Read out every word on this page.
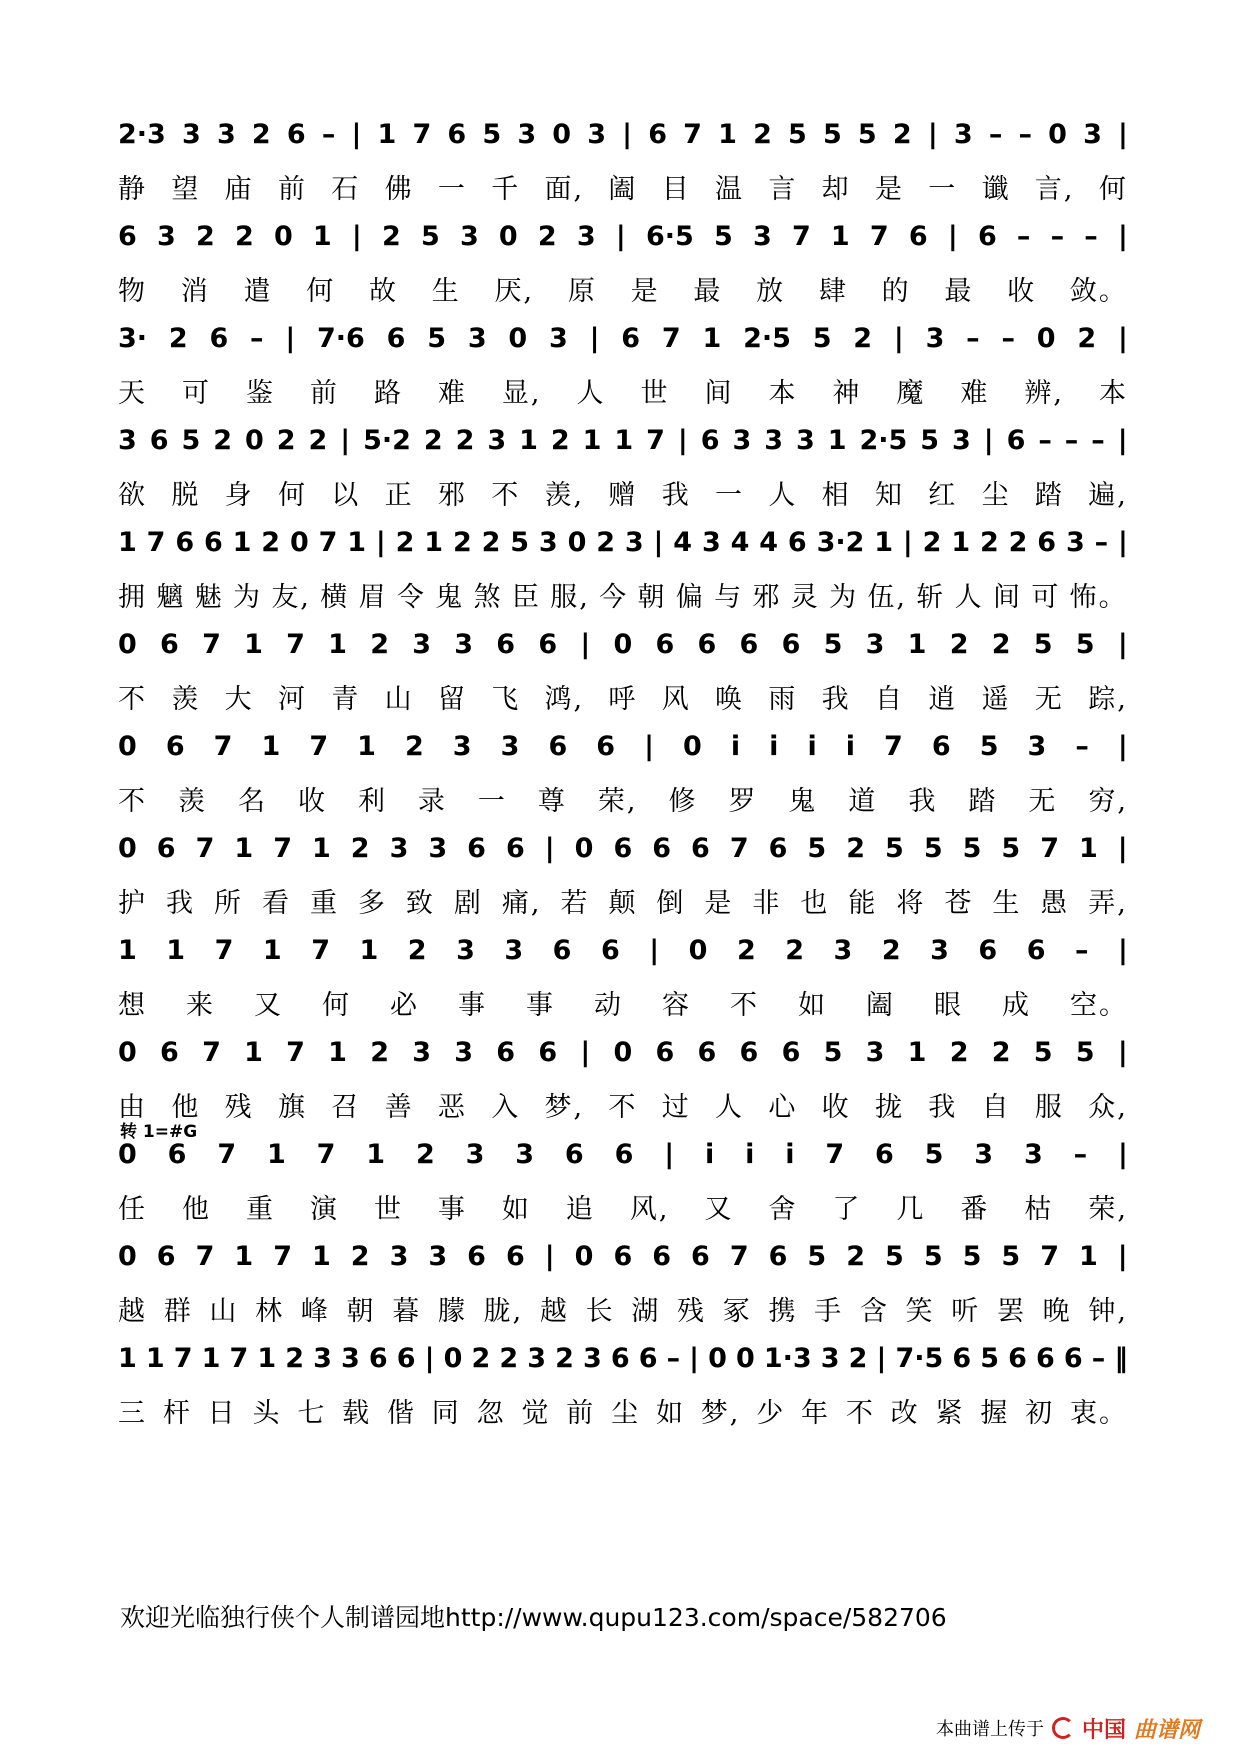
2·3 3 3 2 6 – | 1 7 6 5 3 0 3 | 6 7 1 2 5 5 5 2 | 3 – – 0 3 |
静 望 庙 前 石 佛 一 千 面, 阖 目 温 言 却 是 一 谶 言, 何
6 3 2 2 0 1 | 2 5 3 0 2 3 | 6·5 5 3 7 1 7 6 | 6 – – – |
物 消 遣 何 故 生 厌, 原 是 最 放 肆 的 最 收 敛。
3· 2 6 – | 7·6 6 5 3 0 3 | 6 7 1 2·5 5 2 | 3 – – 0 2 |
天 可 鉴 前 路 难 显, 人 世 间 本 神 魔 难 辨, 本
3 6 5 2 0 2 2 | 5·2 2 2 3 1 2 1 1 7 | 6 3 3 3 1 2·5 5 3 | 6 – – – |
欲 脱 身 何 以 正 邪 不 羡, 赠 我 一 人 相 知 红 尘 踏 遍,
1 7 6 6 1 2 0 7 1 | 2 1 2 2 5 3 0 2 3 | 4 3 4 4 6 3·2 1 | 2 1 2 2 6 3 – |
拥 魑 魅 为 友, 横 眉 令 鬼 煞 臣 服, 今 朝 偏 与 邪 灵 为 伍, 斩 人 间 可 怖。
0 6 7 1 7 1 2 3 3 6 6 | 0 6 6 6 6 5 3 1 2 2 5 5 |
不 羡 大 河 青 山 留 飞 鸿, 呼 风 唤 雨 我 自 逍 遥 无 踪,
0 6 7 1 7 1 2 3 3 6 6 | 0 i i i i 7 6 5 3 – |
不 羡 名 收 利 录 一 尊 荣, 修 罗 鬼 道 我 踏 无 穷,
0 6 7 1 7 1 2 3 3 6 6 | 0 6 6 6 7 6 5 2 5 5 5 5 7 1 |
护 我 所 看 重 多 致 剧 痛, 若 颠 倒 是 非 也 能 将 苍 生 愚 弄,
1 1 7 1 7 1 2 3 3 6 6 | 0 2 2 3 2 3 6 6 – |
想 来 又 何 必 事 事 动 容 不 如 阖 眼 成 空。
0 6 7 1 7 1 2 3 3 6 6 | 0 6 6 6 6 5 3 1 2 2 5 5 |
由 他 残 旗 召 善 恶 入 梦, 不 过 人 心 收 拢 我 自 服 众,
0 6 7 1 7 1 2 3 3 6 6 | i i i 7 6 5 3 3 – |
任 他 重 演 世 事 如 追 风, 又 舍 了 几 番 枯 荣,
0 6 7 1 7 1 2 3 3 6 6 | 0 6 6 6 7 6 5 2 5 5 5 5 7 1 |
越 群 山 林 峰 朝 暮 朦 胧, 越 长 湖 残 冢 携 手 含 笑 听 罢 晚 钟,
1 1 7 1 7 1 2 3 3 6 6 | 0 2 2 3 2 3 6 6 – | 0 0 1·3 3 2 | 7·5 6 5 6 6 6 – ‖
三 杆 日 头 七 载 偕 同 忽 觉 前 尘 如 梦, 少 年 不 改 紧 握 初 衷。
转 1=#G
欢迎光临独行侠个人制谱园地http://www.qupu123.com/space/582706
本曲谱上传于 中国 曲谱网
